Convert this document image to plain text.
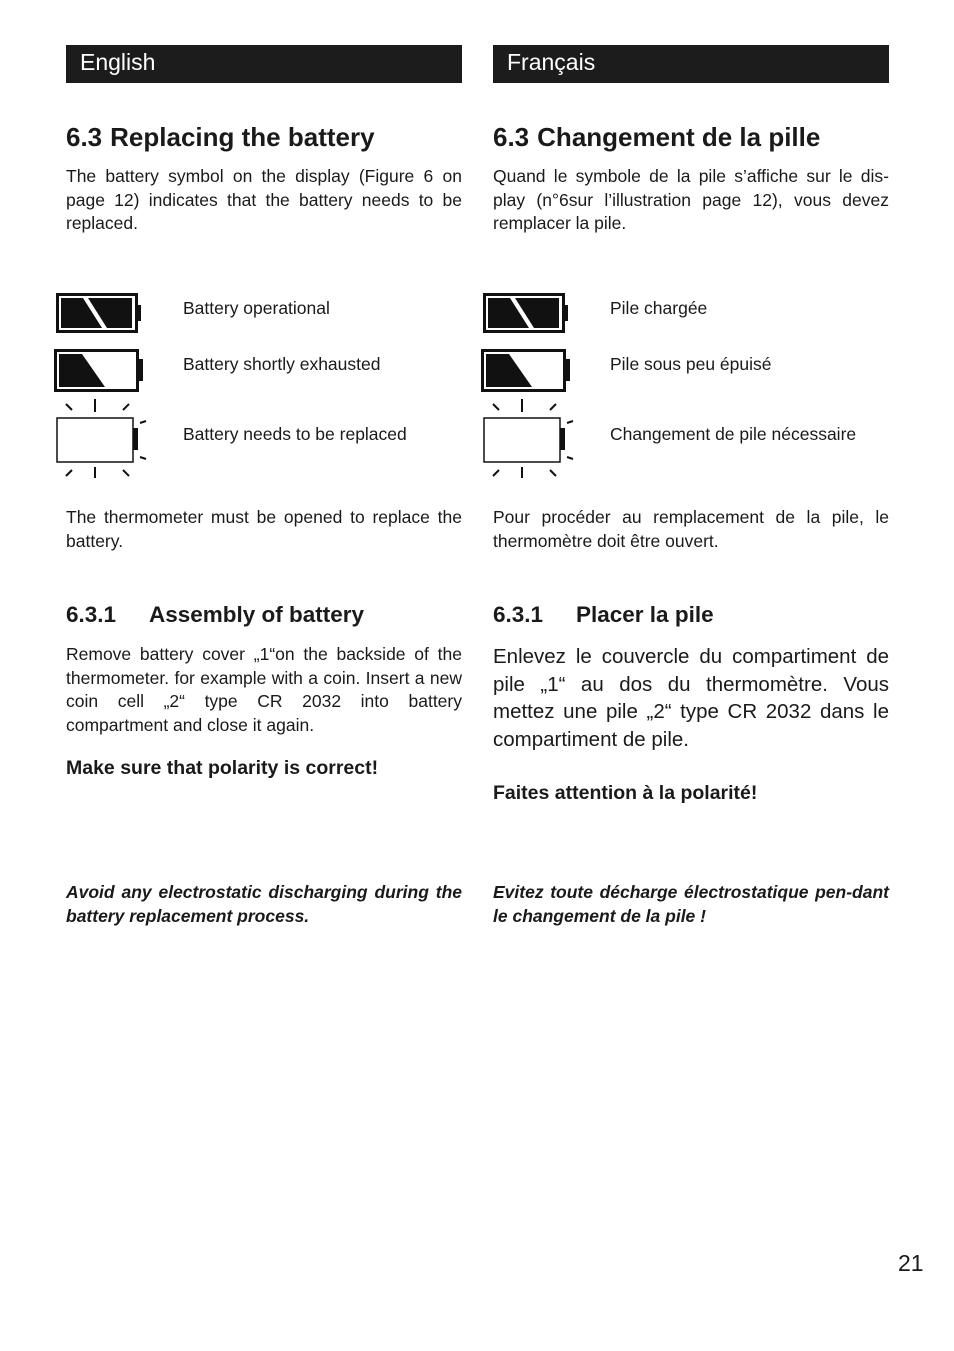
English
6.3 Replacing the battery

The battery symbol on the display (Figure 6 on page 12) indicates that the battery needs to be replaced.

Battery operational
Battery shortly exhausted
Battery needs to be replaced

The thermometer must be opened to replace the battery.

6.3.1 Assembly of battery

Remove battery cover „1“on the backside of the thermometer. for example with a coin. Insert a new coin cell „2“ type CR 2032 into battery compartment and close it again.

Make sure that polarity is correct!

Avoid any electrostatic discharging during the battery replacement process.

Français
6.3 Changement de la pille

Quand le symbole de la pile s’affiche sur le dis-play (n°6sur l’illustration page 12), vous devez remplacer la pile.

Pile chargée
Pile sous peu épuisé
Changement de pile nécessaire

Pour procéder au remplacement de la pile, le thermomètre doit être ouvert.

6.3.1 Placer la pile

Enlevez le couvercle du compartiment de pile „1“ au dos du thermomètre. Vous mettez une pile „2“ type CR 2032 dans le compartiment de pile.

Faites attention à la polarité!

Evitez toute décharge électrostatique pen-dant le changement de la pile !

21
